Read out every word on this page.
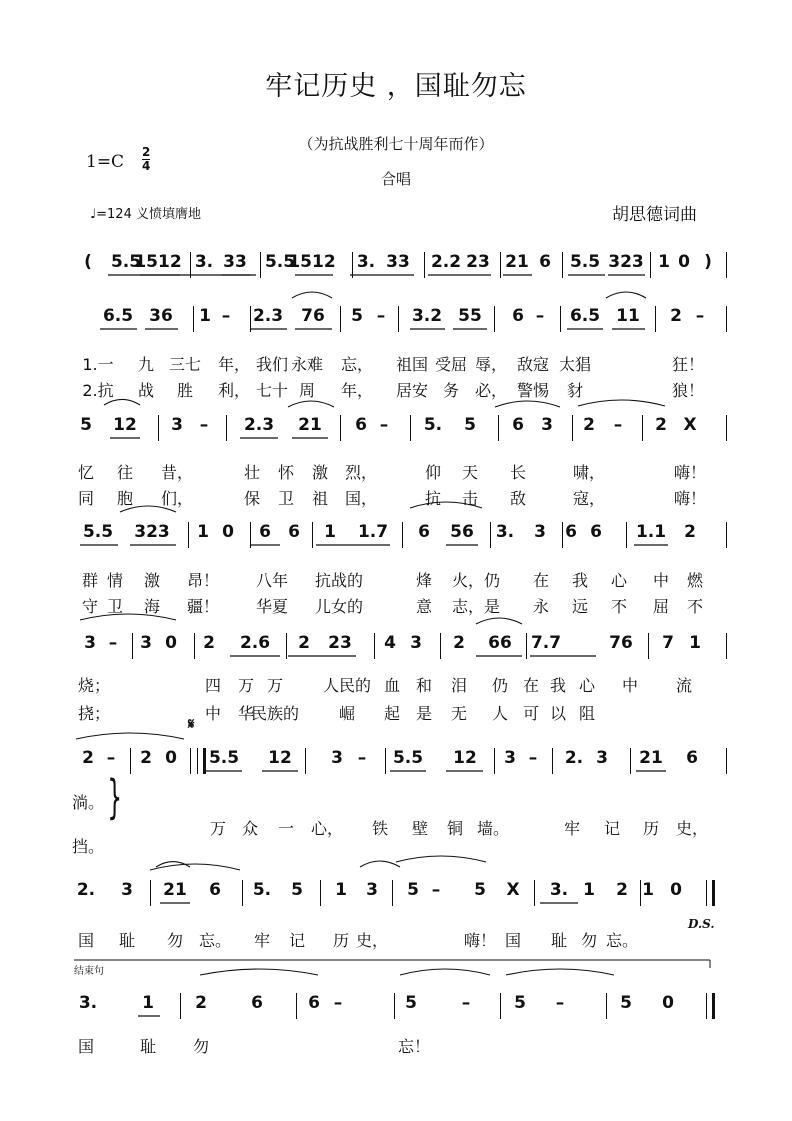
牢记历史 ，国耻勿忘
（为抗战胜利七十周年而作）
1=C 2
4
合唱
♩=124 义愤填膺地	胡思德词曲
( 5.5
1512 3. 33 5.5
1512 3. 33 2.2 23 21 6 5.5 323 1 0 )
6.5 36 1 – 2.3 76 5 – 3.2 55 6 – 6.5 11 2 –
1.一 九 三七 年， 我们 永难 忘， 祖国 受屈 辱， 敌寇 太猖	狂！
2.抗 战 胜 利， 七十 周 年， 居安 务 必， 警惕 豺	狼！
5 12 3 – 2.3 21 6 – 5. 5 6 3 2 – 2 X
忆 往 昔，	壮 怀 激 烈，	仰 天 长	啸，	嗨！
同 胞 们，	保 卫 祖 国，	抗 击 敌	寇，	嗨！
5.5 323 1 0 6 6 1 1.7 6 56 3. 3 6 6 1.1 2
群 情 激 昂！ 八年 抗战的	烽 火，仍 在 我 心 中 燃
守 卫 海 疆！ 华夏 儿女的	意 志，是 永 远 不 屈 不
3 – 3 0 2 2.6 2 23 4 3 2 66 7.7	76 7 1
烧；	四 万 万 人民的 血 和 泪 仍 在 我 心 中 流
挠；	中 华
民族的 崛 起 是 无 人 可 以 阻
2 – 2 0 5.5 12 3 – 5.5 12 3 – 2. 3 21 6
淌。
挡。
万 众 一 心， 铁 壁 铜 墙。	牢 记 历 史，
2. 3 21 6 5. 5 1 3 5 – 5 X 3. 1 2 1 0
国 耻 勿 忘。 牢 记 历 史，	嗨！ 国 耻 勿 忘。
3.	1 2	6	6 –	5	–	5 –	5 0
国	耻 勿	忘！
𝄋
D.S.
结束句
}
